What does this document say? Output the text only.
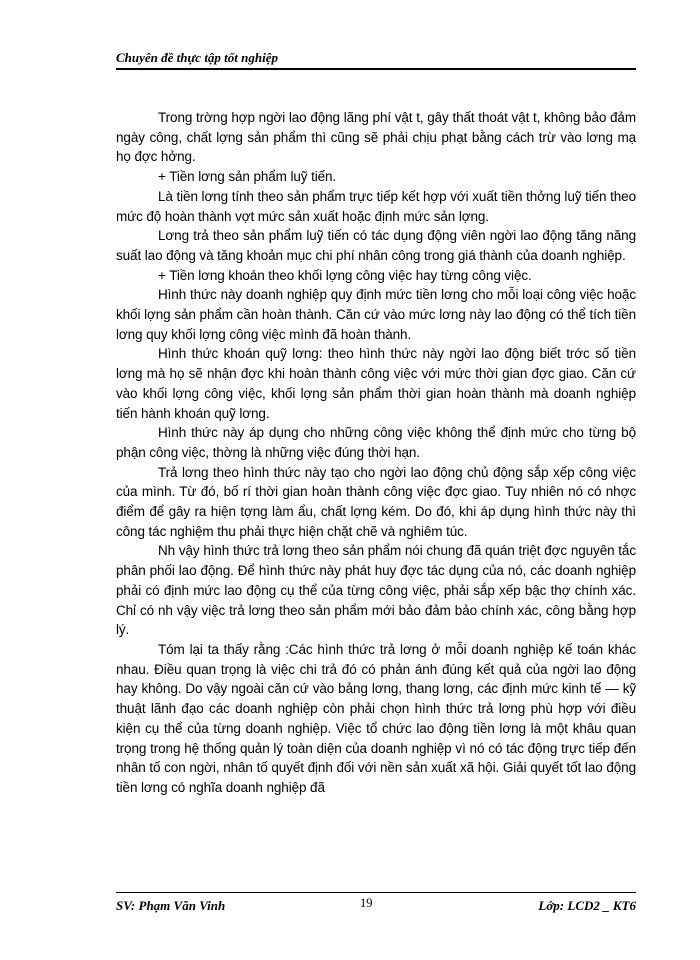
Chuyên đề thực tập tốt nghiệp

Trong trờng hợp ngời lao động lãng phí vật t, gây thất thoát vật t, không bảo đảm ngày công, chất lợng sản phẩm thì cũng sẽ phải chịu phạt bằng cách trừ vào lơng mạ họ đợc hởng.

+ Tiền lơng sản phẩm luỹ tiến.

Là tiền lơng tính theo sản phẩm trực tiếp kết hợp với xuất tiền thởng luỹ tiến theo mức độ hoàn thành vợt mức sản xuất hoặc định mức sản lợng.

Lơng trả theo sản phẩm luỹ tiến có tác dụng động viên ngời lao động tăng năng suất lao động và tăng khoản mục chi phí nhân công trong giá thành của doanh nghiệp.

+ Tiền lơng khoán theo khối lợng công việc hay từng công việc.

Hình thức này doanh nghiệp quy định mức tiền lơng cho mỗi loại công việc hoặc khối lợng sản phẩm cần hoàn thành. Căn cứ vào mức lơng này lao động có thể tích tiền lơng quy khối lợng công việc mình đã hoàn thành.

Hình thức khoán quỹ lơng: theo hình thức này ngời lao động biết trớc số tiền lơng mà họ sẽ nhận đợc khi hoàn thành công việc với mức thời gian đợc giao. Căn cứ vào khối lợng công việc, khối lợng sản phẩm thời gian hoàn thành mà doanh nghiệp tiến hành khoán quỹ lơng.

Hình thức này áp dụng cho những công việc không thể định mức cho từng bộ phận công việc, thờng là những việc đúng thời hạn.

Trả lơng theo hình thức này tạo cho ngời lao động chủ động sắp xếp công việc của mình. Từ đó, bố rí thời gian hoàn thành công việc đợc giao. Tuy nhiên nó có nhợc điểm để gây ra hiện tợng làm ẩu, chất lợng kém. Do đó, khi áp dụng hình thức này thì công tác nghiệm thu phải thực hiện chặt chẽ và nghiêm túc.

Nh vậy hình thức trả lơng theo sản phẩm nói chung đã quán triệt đợc nguyên tắc phân phối lao động. Để hình thức này phát huy đợc tác dụng của nó, các doanh nghiệp phải có định mức lao động cụ thể của từng công việc, phải sắp xếp bậc thợ chính xác. Chỉ có nh vậy việc trả lơng theo sản phẩm mới bảo đảm bảo chính xác, công bằng hợp lý.

Tóm lại ta thấy rằng :Các hình thức trả lơng ở mỗi doanh nghiệp kế toán khác nhau. Điều quan trọng là việc chi trả đó có phản ánh đúng kết quả của ngời lao động hay không. Do vậy ngoài căn cứ vào bảng lơng, thang lơng, các định mức kinh tế — kỹ thuật lãnh đạo các doanh nghiệp còn phải chọn hình thức trả lơng phù hợp với điều kiện cụ thể của từng doanh nghiệp. Việc tổ chức lao động tiền lơng là một khâu quan trọng trong hệ thống quản lý toàn diện của doanh nghiệp vì nó có tác động trực tiếp đến nhân tố con ngời, nhân tố quyết định đối với nền sản xuất xã hội. Giải quyết tốt lao động tiền lơng có nghĩa doanh nghiệp đã

SV: Phạm Văn Vinh	19	Lớp: LCD2 _ KT6
